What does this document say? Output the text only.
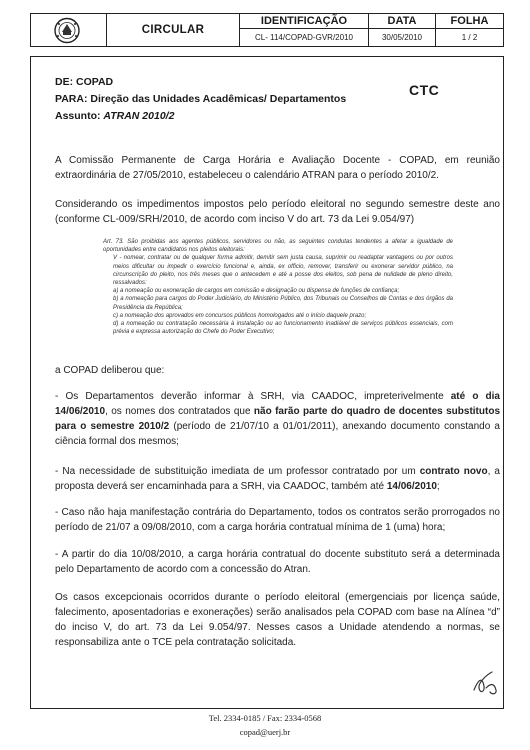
CIRCULAR
IDENTIFICAÇÃO
CL- 114/COPAD-GVR/2010
DATA
30/05/2010
FOLHA
1 / 2
DE: COPAD
PARA: Direção das Unidades Acadêmicas/ Departamentos
Assunto: ATRAN 2010/2
CTC
A Comissão Permanente de Carga Horária e Avaliação Docente - COPAD, em reunião extraordinária de 27/05/2010, estabeleceu o calendário ATRAN para o período 2010/2.
Considerando os impedimentos impostos pelo período eleitoral no segundo semestre deste ano (conforme CL-009/SRH/2010, de acordo com inciso V do art. 73 da Lei 9.054/97)

Art. 73. São proibidas aos agentes públicos, servidores ou não, as seguintes condutas tendentes a afetar a igualdade de oportunidades entre candidatos nos pleitos eleitorais:

V - nomear, contratar ou de qualquer forma admitir, demitir sem justa causa, suprimir ou readaptar vantagens ou por outros meios dificultar ou impedir o exercício funcional e, ainda, ex officio, remover, transferir ou exonerar servidor público, na circunscrição do pleito, nos três meses que o antecedem e até a posse dos eleitos, sob pena de nulidade de pleno direito, ressalvados:

a) a nomeação ou exoneração de cargos em comissão e designação ou dispensa de funções de confiança;

b) a nomeação para cargos do Poder Judiciário, do Ministério Público, dos Tribunais ou Conselhos de Contas e dos órgãos da Presidência da República;

c) a nomeação dos aprovados em concursos públicos homologados até o início daquele prazo;

d) a nomeação ou contratação necessária à instalação ou ao funcionamento inadiável de serviços públicos essenciais, com prévia e expressa autorização do Chefe do Poder Executivo;

a COPAD deliberou que:
- Os Departamentos deverão informar à SRH, via CAADOC, impreterivelmente até o dia 14/06/2010, os nomes dos contratados que não farão parte do quadro de docentes substitutos para o semestre 2010/2 (período de 21/07/10 a 01/01/2011), anexando documento constando a ciência formal dos mesmos;
- Na necessidade de substituição imediata de um professor contratado por um contrato novo, a proposta deverá ser encaminhada para a SRH, via CAADOC, também até 14/06/2010;
- Caso não haja manifestação contrária do Departamento, todos os contratos serão prorrogados no período de 21/07 a 09/08/2010, com a carga horária contratual mínima de 1 (uma) hora;
- A partir do dia 10/08/2010, a carga horária contratual do docente substituto será a determinada pelo Departamento de acordo com a concessão do Atran.
Os casos excepcionais ocorridos durante o período eleitoral (emergenciais por licença saúde, falecimento, aposentadorias e exonerações) serão analisados pela COPAD com base na Alínea “d” do inciso V, do art. 73 da Lei 9.054/97. Nesses casos a Unidade atendendo a normas, se responsabiliza ante o TCE pela contratação solicitada.
Tel. 2334-0185 / Fax: 2334-0568
copad@uerj.br
